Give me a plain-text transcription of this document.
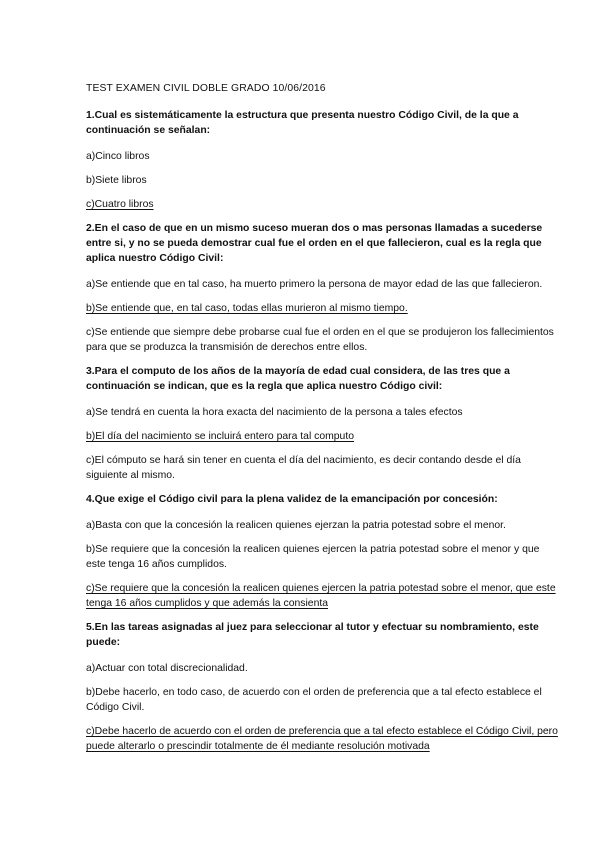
TEST EXAMEN CIVIL DOBLE GRADO 10/06/2016
1.Cual es sistemáticamente la estructura que presenta nuestro Código Civil, de la que a continuación se señalan:
a)Cinco libros
b)Siete libros
c)Cuatro libros
2.En el caso de que en un mismo suceso mueran dos o mas personas llamadas a sucederse entre si, y no se pueda demostrar cual fue el orden en el que fallecieron, cual es la regla que aplica nuestro Código Civil:
a)Se entiende que en tal caso, ha muerto primero la persona de mayor edad de las que fallecieron.
b)Se entiende que, en tal caso, todas ellas murieron al mismo tiempo.
c)Se entiende que siempre debe probarse cual fue el orden en el que se produjeron los fallecimientos para que se produzca la transmisión de derechos entre ellos.
3.Para el computo de los años de la mayoría de edad cual considera, de las tres que a continuación se indican, que es la regla que aplica nuestro Código civil:
a)Se tendrá en cuenta la hora exacta del nacimiento de la persona a tales efectos
b)El día del nacimiento se incluirá entero para tal computo
c)El cómputo se hará sin tener en cuenta el día del nacimiento, es decir contando desde el día siguiente al mismo.
4.Que exige el Código civil para la plena validez de la emancipación por concesión:
a)Basta con que la concesión la realicen quienes ejerzan la patria potestad sobre el menor.
b)Se requiere que la concesión la realicen quienes ejercen la patria potestad sobre el menor y que este tenga 16 años cumplidos.
c)Se requiere que la concesión la realicen quienes ejercen la patria potestad sobre el menor, que este tenga 16 años cumplidos y que además la consienta
5.En las tareas asignadas al juez para seleccionar al tutor y efectuar su nombramiento, este puede:
a)Actuar con total discrecionalidad.
b)Debe hacerlo, en todo caso, de acuerdo con el orden de preferencia que a tal efecto establece el Código Civil.
c)Debe hacerlo de acuerdo con el orden de preferencia que a tal efecto establece el Código Civil, pero puede alterarlo o prescindir totalmente de él mediante resolución motivada
